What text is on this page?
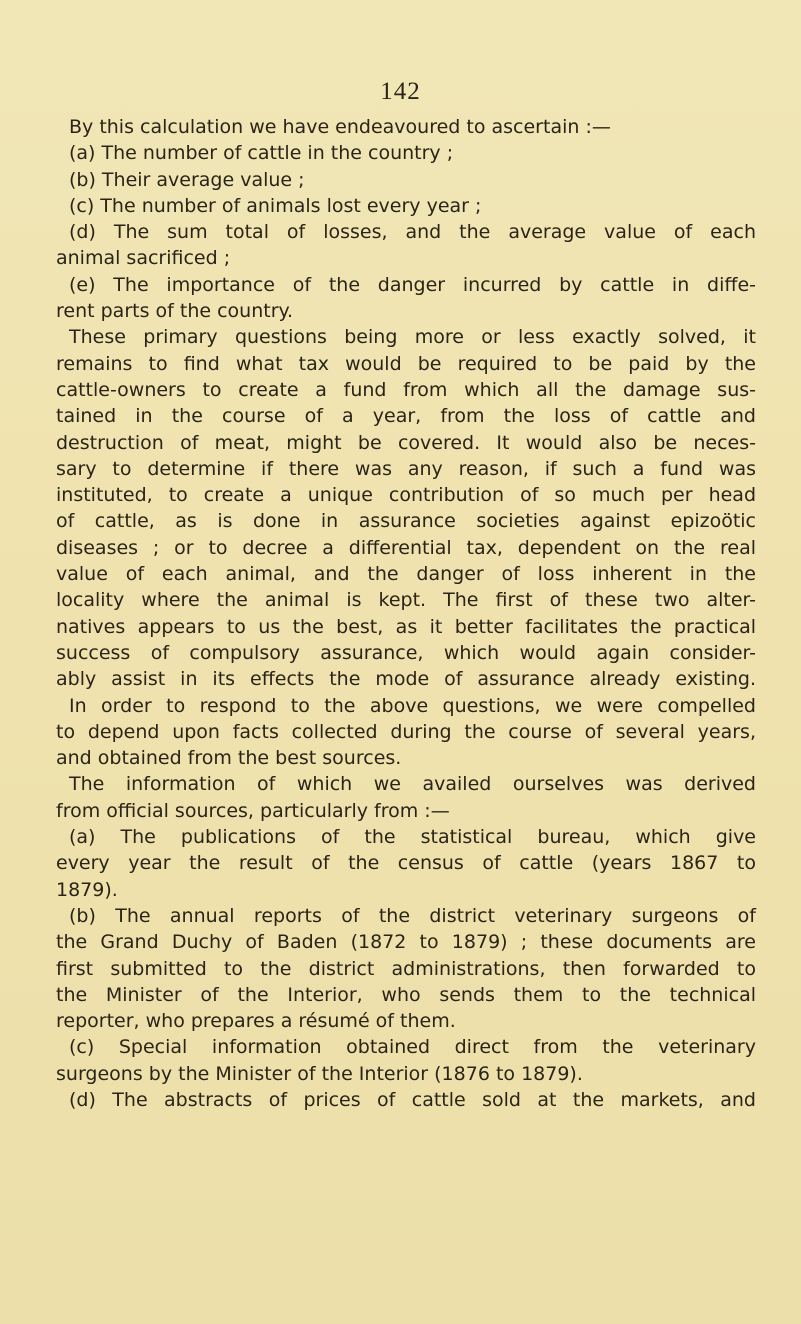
142
By this calculation we have endeavoured to ascertain :—
(a) The number of cattle in the country ;
(b) Their average value ;
(c) The number of animals lost every year ;
(d) The sum total of losses, and the average value of each
animal sacrificed ;
(e) The importance of the danger incurred by cattle in diffe-
rent parts of the country.
These primary questions being more or less exactly solved, it
remains to find what tax would be required to be paid by the
cattle-owners to create a fund from which all the damage sus-
tained in the course of a year, from the loss of cattle and
destruction of meat, might be covered. It would also be neces-
sary to determine if there was any reason, if such a fund was
instituted, to create a unique contribution of so much per head
of cattle, as is done in assurance societies against epizoötic
diseases ; or to decree a differential tax, dependent on the real
value of each animal, and the danger of loss inherent in the
locality where the animal is kept. The first of these two alter-
natives appears to us the best, as it better facilitates the practical
success of compulsory assurance, which would again consider-
ably assist in its effects the mode of assurance already existing.
In order to respond to the above questions, we were compelled
to depend upon facts collected during the course of several years,
and obtained from the best sources.
The information of which we availed ourselves was derived
from official sources, particularly from :—
(a) The publications of the statistical bureau, which give
every year the result of the census of cattle (years 1867 to
1879).
(b) The annual reports of the district veterinary surgeons of
the Grand Duchy of Baden (1872 to 1879) ; these documents are
first submitted to the district administrations, then forwarded to
the Minister of the Interior, who sends them to the technical
reporter, who prepares a résumé of them.
(c) Special information obtained direct from the veterinary
surgeons by the Minister of the Interior (1876 to 1879).
(d) The abstracts of prices of cattle sold at the markets, and
